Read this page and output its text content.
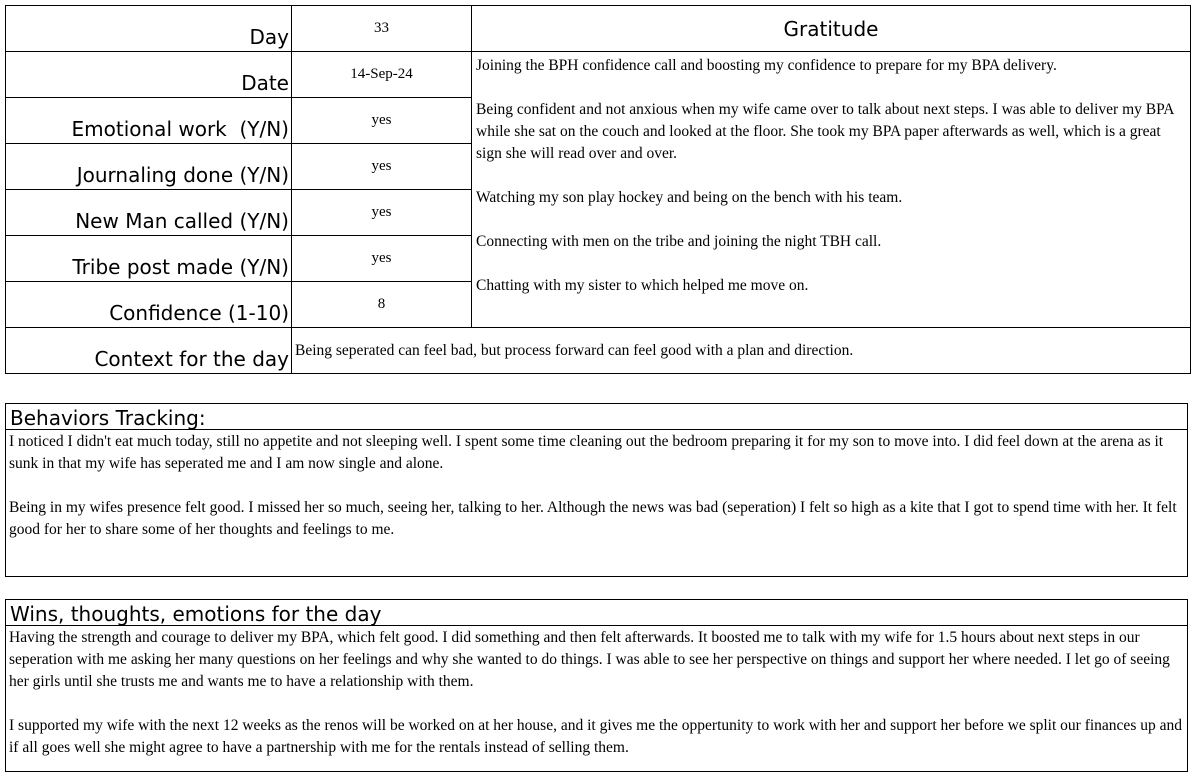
Day	33	Gratitude
Date	14-Sep-24	Joining the BPH confidence call and boosting my confidence to prepare for my BPA delivery.

Being confident and not anxious when my wife came over to talk about next steps. I was able to deliver my BPA while she sat on the couch and looked at the floor. She took my BPA paper afterwards as well, which is a great sign she will read over and over.

Watching my son play hockey and being on the bench with his team.

Connecting with men on the tribe and joining the night TBH call.

Chatting with my sister to which helped me move on.

Emotional work  (Y/N)	yes	
Journaling done (Y/N)	yes	
New Man called (Y/N)	yes	
Tribe post made (Y/N)	yes	
Confidence (1-10)	8	
Context for the day	Being seperated can feel bad, but process forward can feel good with a plan and direction.	
Behaviors Tracking:

I noticed I didn't eat much today, still no appetite and not sleeping well. I spent some time cleaning out the bedroom preparing it for my son to move into. I did feel down at the arena as it sunk in that my wife has seperated me and I am now single and alone.

Being in my wifes presence felt good. I missed her so much, seeing her, talking to her. Although the news was bad (seperation) I felt so high as a kite that I got to spend time with her. It felt good for her to share some of her thoughts and feelings to me.

Wins, thoughts, emotions for the day

Having the strength and courage to deliver my BPA, which felt good. I did something and then felt afterwards. It boosted me to talk with my wife for 1.5 hours about next steps in our seperation with me asking her many questions on her feelings and why she wanted to do things. I was able to see her perspective on things and support her where needed. I let go of seeing her girls until she trusts me and wants me to have a relationship with them.

I supported my wife with the next 12 weeks as the renos will be worked on at her house, and it gives me the oppertunity to work with her and support her before we split our finances up and if all goes well she might agree to have a partnership with me for the rentals instead of selling them.
